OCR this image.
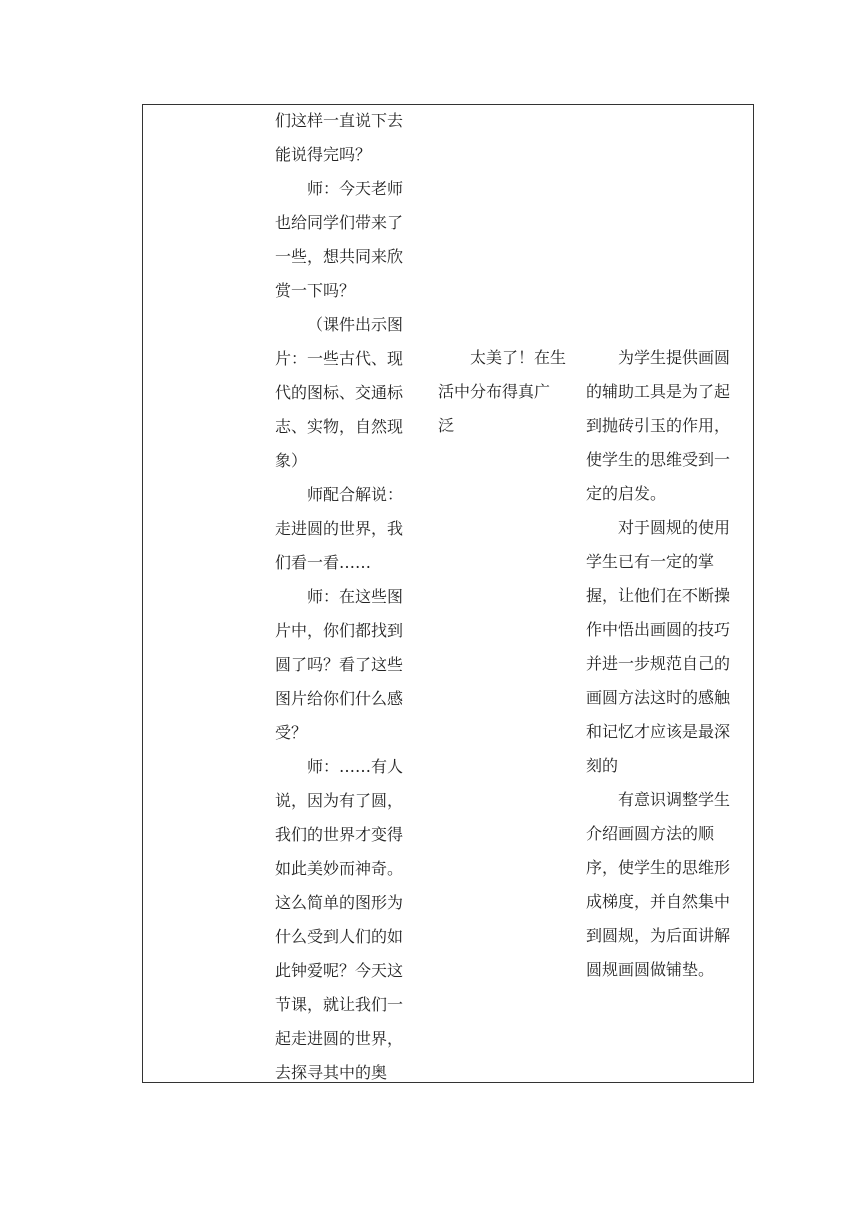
们这样一直说下去

能说得完吗？

师：今天老师

也给同学们带来了

一些，想共同来欣

赏一下吗？

（课件出示图

片：一些古代、现

代的图标、交通标

志、实物，自然现

象）

师配合解说：

走进圆的世界，我

们看一看……

师：在这些图

片中，你们都找到

圆了吗？看了这些

图片给你们什么感

受？

师：……有人

说，因为有了圆，

我们的世界才变得

如此美妙而神奇。

这么简单的图形为

什么受到人们的如

此钟爱呢？今天这

节课，就让我们一

起走进圆的世界，

去探寻其中的奥

太美了！在生

活中分布得真广

泛

为学生提供画圆

的辅助工具是为了起

到抛砖引玉的作用，

使学生的思维受到一

定的启发。

对于圆规的使用

学生已有一定的掌

握，让他们在不断操

作中悟出画圆的技巧

并进一步规范自己的

画圆方法这时的感触

和记忆才应该是最深

刻的

有意识调整学生

介绍画圆方法的顺

序，使学生的思维形

成梯度，并自然集中

到圆规，为后面讲解

圆规画圆做铺垫。
